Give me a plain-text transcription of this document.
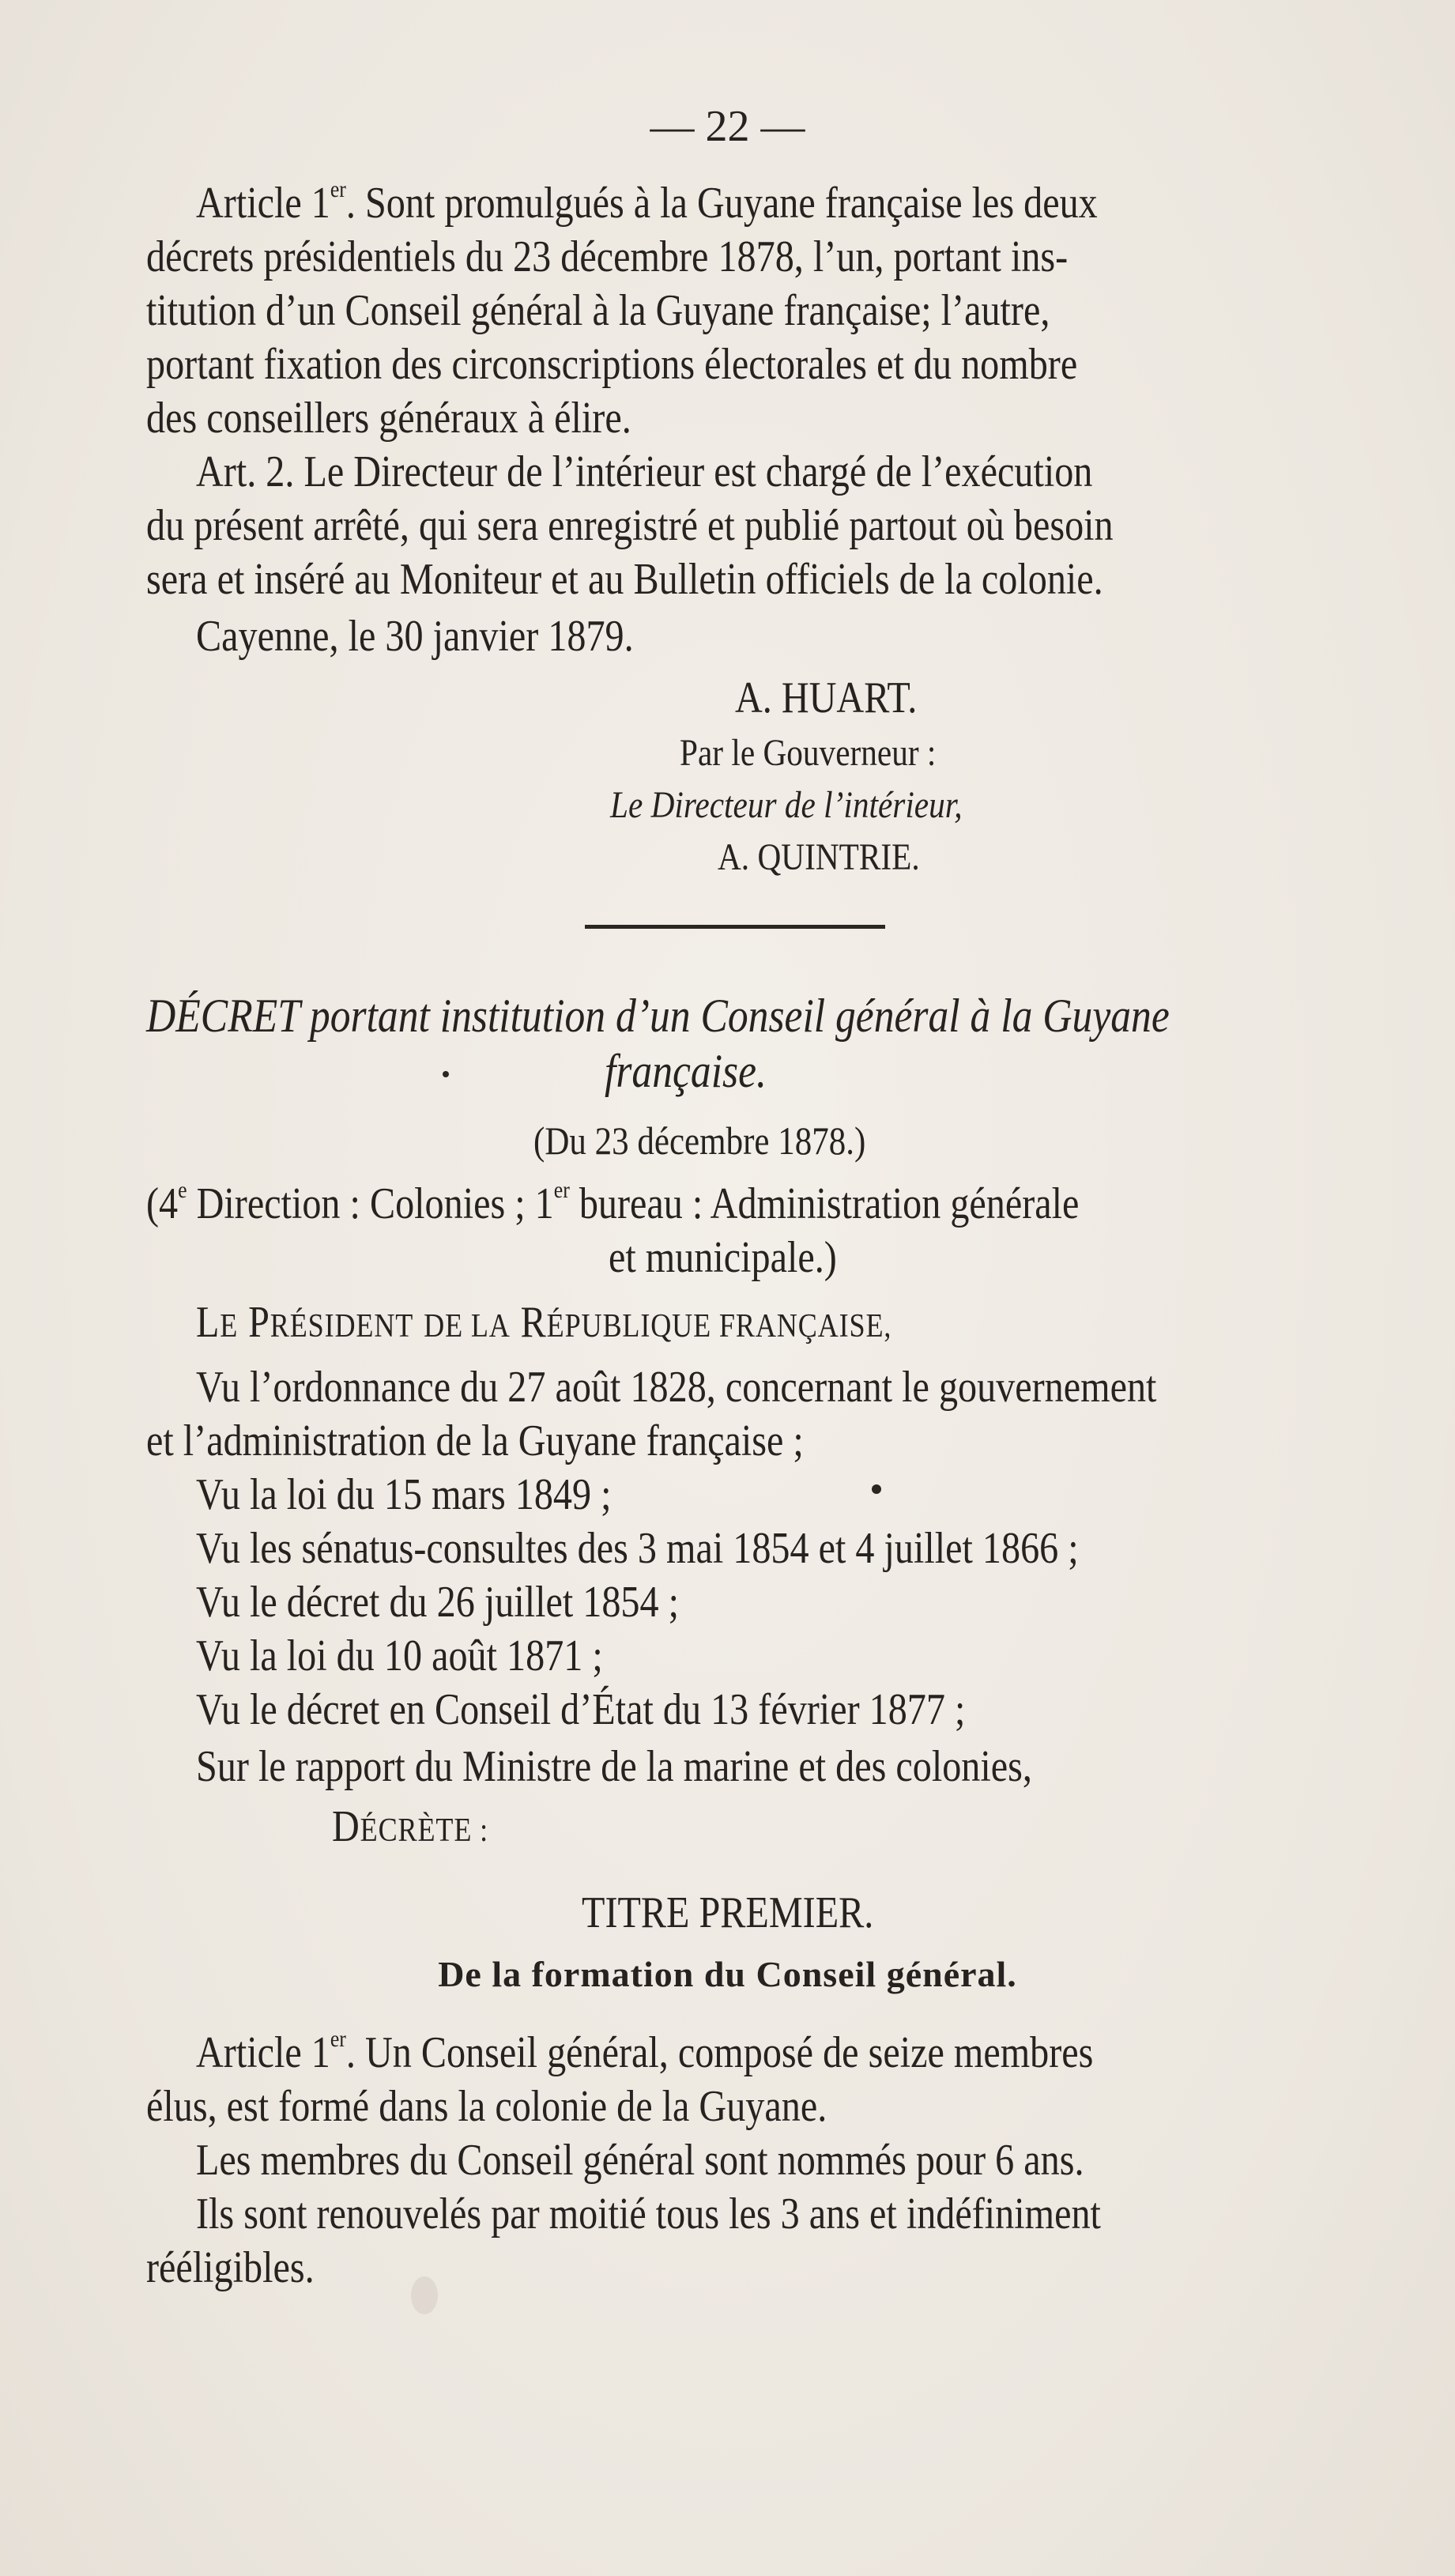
— 22 —
Article 1er. Sont promulgués à la Guyane française les deux
décrets présidentiels du 23 décembre 1878, l’un, portant ins-
titution d’un Conseil général à la Guyane française; l’autre,
portant fixation des circonscriptions électorales et du nombre
des conseillers généraux à élire.
Art. 2. Le Directeur de l’intérieur est chargé de l’exécution
du présent arrêté, qui sera enregistré et publié partout où besoin
sera et inséré au Moniteur et au Bulletin officiels de la colonie.
Cayenne, le 30 janvier 1879.
A. HUART.
Par le Gouverneur :
Le Directeur de l’intérieur,
A. QUINTRIE.
DÉCRET portant institution d’un Conseil général à la Guyane
française.
(Du 23 décembre 1878.)
(4e Direction : Colonies ; 1er bureau : Administration générale
et municipale.)
LE PRÉSIDENT DE LA RÉPUBLIQUE FRANÇAISE,
Vu l’ordonnance du 27 août 1828, concernant le gouvernement
et l’administration de la Guyane française ;
Vu la loi du 15 mars 1849 ;
Vu les sénatus-consultes des 3 mai 1854 et 4 juillet 1866 ;
Vu le décret du 26 juillet 1854 ;
Vu la loi du 10 août 1871 ;
Vu le décret en Conseil d’État du 13 février 1877 ;
Sur le rapport du Ministre de la marine et des colonies,
DÉCRÈTE :
TITRE PREMIER.
De la formation du Conseil général.
Article 1er. Un Conseil général, composé de seize membres
élus, est formé dans la colonie de la Guyane.
Les membres du Conseil général sont nommés pour 6 ans.
Ils sont renouvelés par moitié tous les 3 ans et indéfiniment
rééligibles.
